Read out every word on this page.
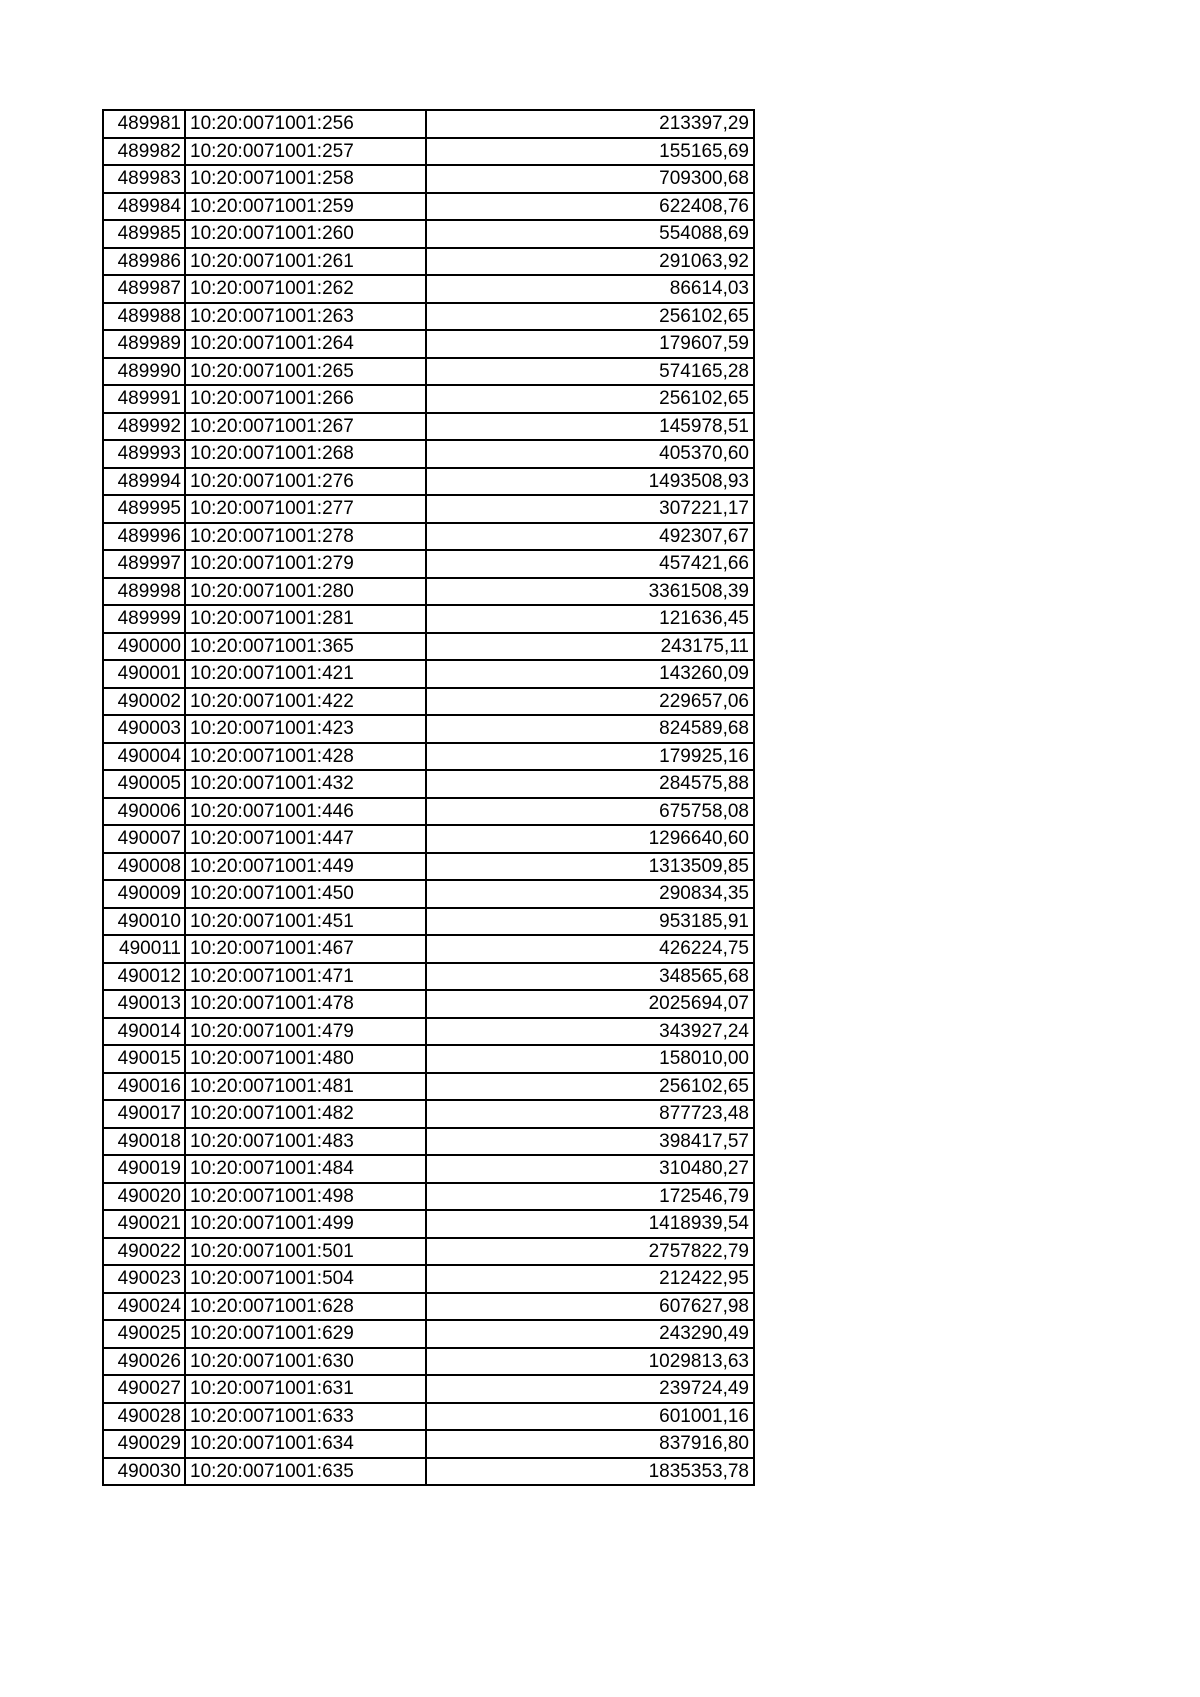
489981	10:20:0071001:256	213397,29
489982	10:20:0071001:257	155165,69
489983	10:20:0071001:258	709300,68
489984	10:20:0071001:259	622408,76
489985	10:20:0071001:260	554088,69
489986	10:20:0071001:261	291063,92
489987	10:20:0071001:262	86614,03
489988	10:20:0071001:263	256102,65
489989	10:20:0071001:264	179607,59
489990	10:20:0071001:265	574165,28
489991	10:20:0071001:266	256102,65
489992	10:20:0071001:267	145978,51
489993	10:20:0071001:268	405370,60
489994	10:20:0071001:276	1493508,93
489995	10:20:0071001:277	307221,17
489996	10:20:0071001:278	492307,67
489997	10:20:0071001:279	457421,66
489998	10:20:0071001:280	3361508,39
489999	10:20:0071001:281	121636,45
490000	10:20:0071001:365	243175,11
490001	10:20:0071001:421	143260,09
490002	10:20:0071001:422	229657,06
490003	10:20:0071001:423	824589,68
490004	10:20:0071001:428	179925,16
490005	10:20:0071001:432	284575,88
490006	10:20:0071001:446	675758,08
490007	10:20:0071001:447	1296640,60
490008	10:20:0071001:449	1313509,85
490009	10:20:0071001:450	290834,35
490010	10:20:0071001:451	953185,91
490011	10:20:0071001:467	426224,75
490012	10:20:0071001:471	348565,68
490013	10:20:0071001:478	2025694,07
490014	10:20:0071001:479	343927,24
490015	10:20:0071001:480	158010,00
490016	10:20:0071001:481	256102,65
490017	10:20:0071001:482	877723,48
490018	10:20:0071001:483	398417,57
490019	10:20:0071001:484	310480,27
490020	10:20:0071001:498	172546,79
490021	10:20:0071001:499	1418939,54
490022	10:20:0071001:501	2757822,79
490023	10:20:0071001:504	212422,95
490024	10:20:0071001:628	607627,98
490025	10:20:0071001:629	243290,49
490026	10:20:0071001:630	1029813,63
490027	10:20:0071001:631	239724,49
490028	10:20:0071001:633	601001,16
490029	10:20:0071001:634	837916,80
490030	10:20:0071001:635	1835353,78
